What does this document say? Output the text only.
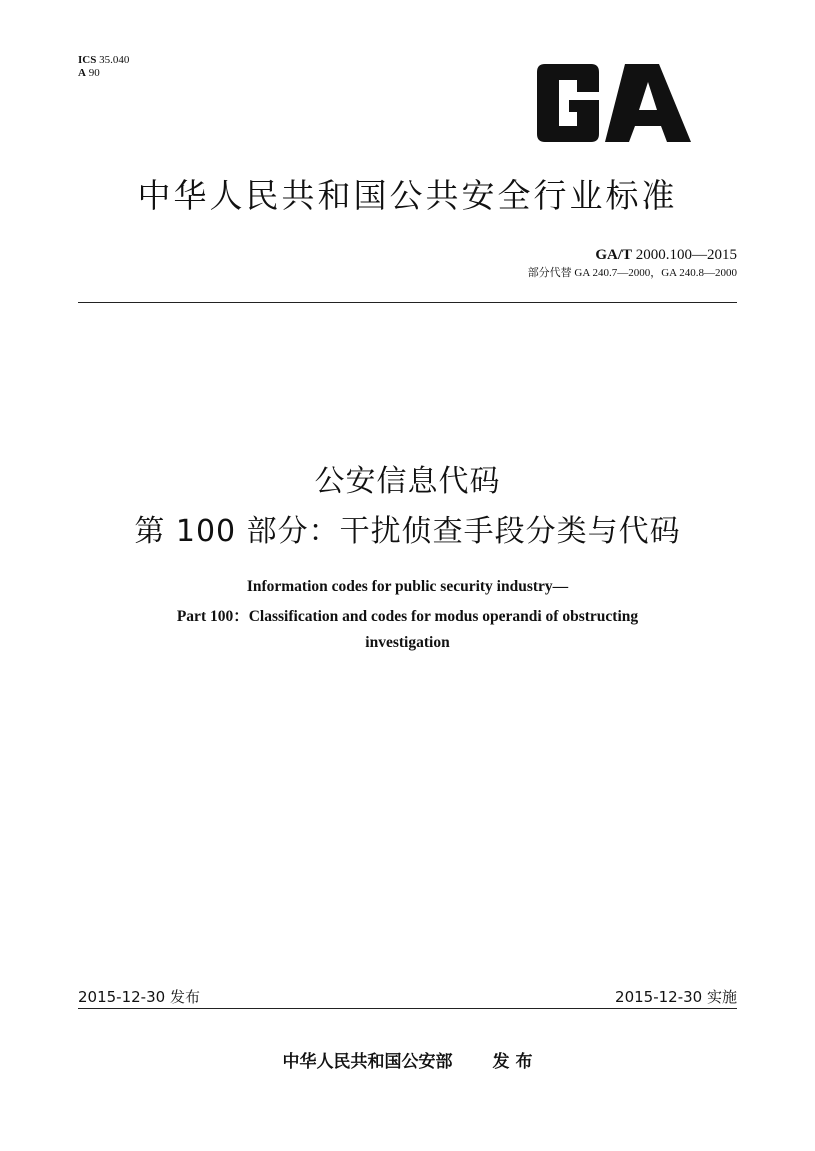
ICS 35.040
A 90
GA
中华人民共和国公共安全行业标准
GA/T 2000.100—2015
部分代替 GA 240.7—2000，GA 240.8—2000
公安信息代码
第 100 部分：干扰侦查手段分类与代码
Information codes for public security industry—
Part 100：Classification and codes for modus operandi of obstructing
investigation
2015-12-30 发布	2015-12-30 实施
中华人民共和国公安部 发 布
